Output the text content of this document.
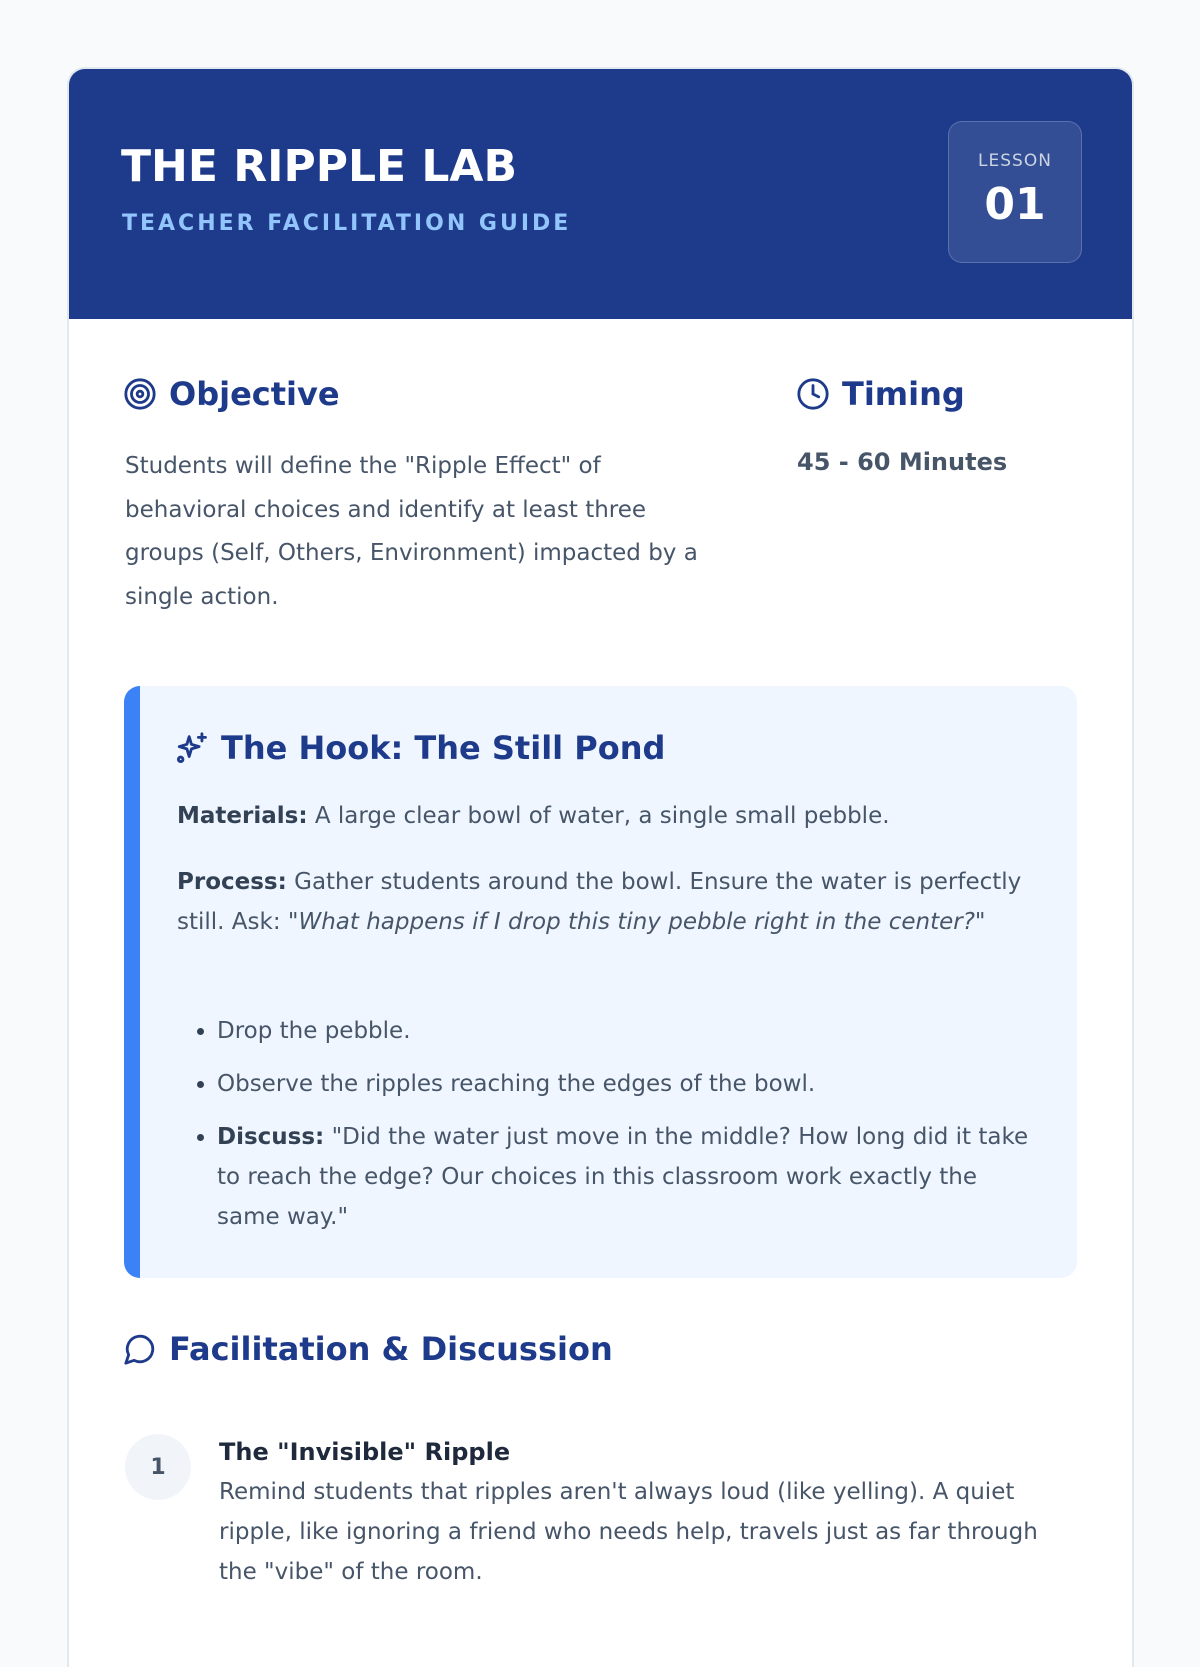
THE RIPPLE LAB
TEACHER FACILITATION GUIDE
LESSON
01
Objective

Students will define the "Ripple Effect" of behavioral choices and identify at least three groups (Self, Others, Environment) impacted by a single action.

Timing
45 - 60 Minutes
The Hook: The Still Pond

Materials: A large clear bowl of water, a single small pebble.

Process: Gather students around the bowl. Ensure the water is perfectly still. Ask: "What happens if I drop this tiny pebble right in the center?"

• Drop the pebble.
• Observe the ripples reaching the edges of the bowl.
• Discuss: "Did the water just move in the middle? How long did it take to reach the edge? Our choices in this classroom work exactly the same way."
Facilitation & Discussion
1
The "Invisible" Ripple

Remind students that ripples aren't always loud (like yelling). A quiet ripple, like ignoring a friend who needs help, travels just as far through the "vibe" of the room.
